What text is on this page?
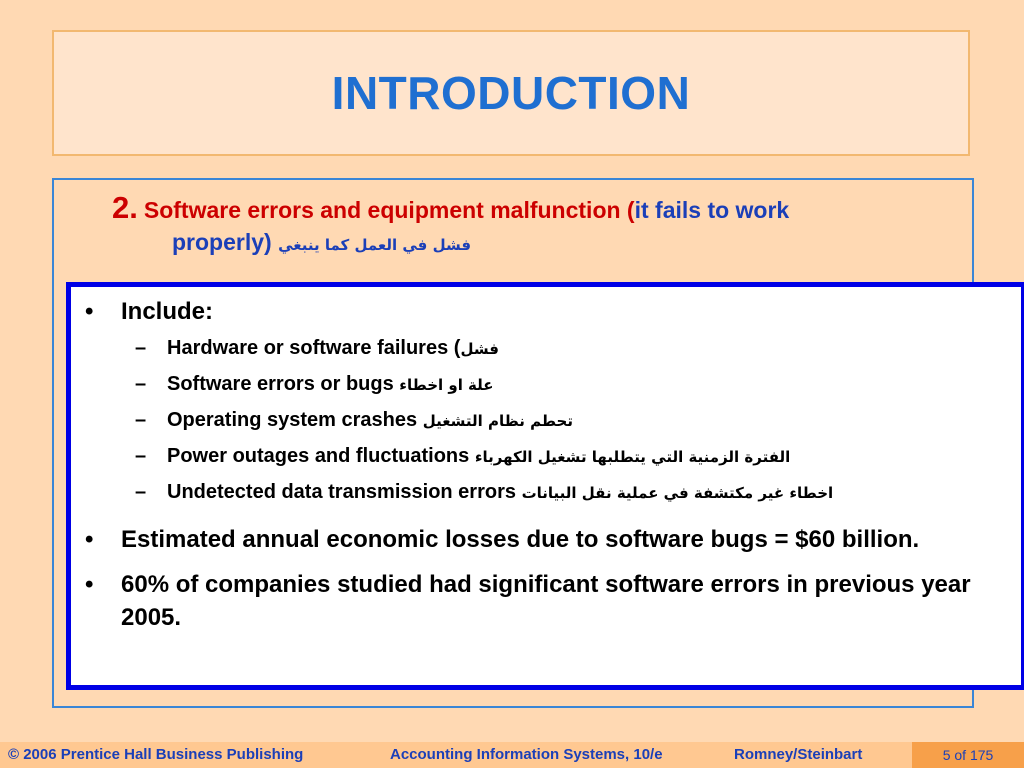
INTRODUCTION
2. Software errors and equipment malfunction (it fails to work
properly) فشل في العمل كما ينبغي
• Include:
– Hardware or software failures (فشل
– Software errors or bugs علة او اخطاء
– Operating system crashes تحطم نظام التشغيل
– Power outages and fluctuations الفترة الزمنية التي يتطلبها تشغيل الكهرباء
– Undetected data transmission errors اخطاء غير مكتشفة في عملية نقل البيانات
• Estimated annual economic losses due to software bugs = $60 billion.
• 60% of companies studied had significant software errors in previous year 2005.
© 2006 Prentice Hall Business Publishing	Accounting Information Systems, 10/e	Romney/Steinbart	5 of 175
